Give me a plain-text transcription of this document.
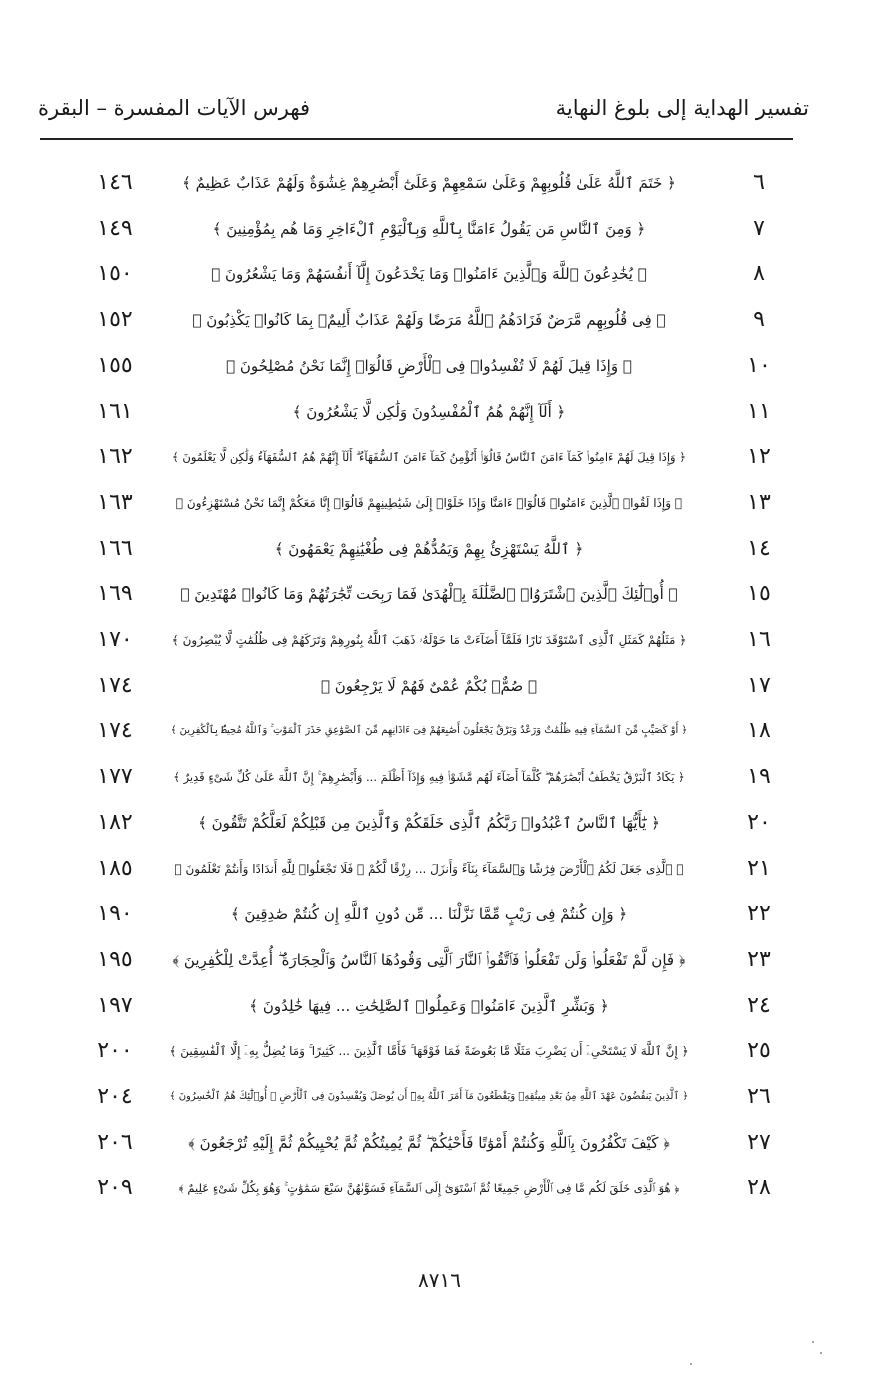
تفسير الهداية إلى بلوغ النهاية
فهرس الآيات المفسرة – البقرة
٦
﴿ خَتَمَ ٱللَّهُ عَلَىٰ قُلُوبِهِمْ وَعَلَىٰ سَمْعِهِمْ وَعَلَىٰٓ أَبْصَٰرِهِمْ غِشَٰوَةٌ وَلَهُمْ عَذَابٌ عَظِيمٌ ﴾
١٤٦
٧
﴿ وَمِنَ ٱلنَّاسِ مَن يَقُولُ ءَامَنَّا بِٱللَّهِ وَبِٱلْيَوْمِ ٱلْءَاخِرِ وَمَا هُم بِمُؤْمِنِينَ ﴾
١٤٩
٨
﴿ يُخَٰدِعُونَ ٱللَّهَ وَٱلَّذِينَ ءَامَنُوا۟ وَمَا يَخْدَعُونَ إِلَّآ أَنفُسَهُمْ وَمَا يَشْعُرُونَ ﴾
١٥٠
٩
﴿ فِى قُلُوبِهِم مَّرَضٌ فَزَادَهُمُ ٱللَّهُ مَرَضًا وَلَهُمْ عَذَابٌ أَلِيمٌۢ بِمَا كَانُوا۟ يَكْذِبُونَ ﴾
١٥٢
١٠
﴿ وَإِذَا قِيلَ لَهُمْ لَا تُفْسِدُوا۟ فِى ٱلْأَرْضِ قَالُوٓا۟ إِنَّمَا نَحْنُ مُصْلِحُونَ ﴾
١٥٥
١١
﴿ أَلَآ إِنَّهُمْ هُمُ ٱلْمُفْسِدُونَ وَلَٰكِن لَّا يَشْعُرُونَ ﴾
١٦١
١٢
﴿ وَإِذَا قِيلَ لَهُمْ ءَامِنُوا۟ كَمَآ ءَامَنَ ٱلنَّاسُ قَالُوٓا۟ أَنُؤْمِنُ كَمَآ ءَامَنَ ٱلسُّفَهَآءُ ۗ أَلَآ إِنَّهُمْ هُمُ ٱلسُّفَهَآءُ وَلَٰكِن لَّا يَعْلَمُونَ ﴾
١٦٢
١٣
﴿ وَإِذَا لَقُوا۟ ٱلَّذِينَ ءَامَنُوا۟ قَالُوٓا۟ ءَامَنَّا وَإِذَا خَلَوْا۟ إِلَىٰ شَيَٰطِينِهِمْ قَالُوٓا۟ إِنَّا مَعَكُمْ إِنَّمَا نَحْنُ مُسْتَهْزِءُونَ ﴾
١٦٣
١٤
﴿ ٱللَّهُ يَسْتَهْزِئُ بِهِمْ وَيَمُدُّهُمْ فِى طُغْيَٰنِهِمْ يَعْمَهُونَ ﴾
١٦٦
١٥
﴿ أُو۟لَٰٓئِكَ ٱلَّذِينَ ٱشْتَرَوُا۟ ٱلضَّلَٰلَةَ بِٱلْهُدَىٰ فَمَا رَبِحَت تِّجَٰرَتُهُمْ وَمَا كَانُوا۟ مُهْتَدِينَ ﴾
١٦٩
١٦
﴿ مَثَلُهُمْ كَمَثَلِ ٱلَّذِى ٱسْتَوْقَدَ نَارًا فَلَمَّآ أَضَآءَتْ مَا حَوْلَهُۥ ذَهَبَ ٱللَّهُ بِنُورِهِمْ وَتَرَكَهُمْ فِى ظُلُمَٰتٍ لَّا يُبْصِرُونَ ﴾
١٧٠
١٧
﴿ صُمٌّۢ بُكْمٌ عُمْىٌ فَهُمْ لَا يَرْجِعُونَ ﴾
١٧٤
١٨
﴿ أَوْ كَصَيِّبٍ مِّنَ ٱلسَّمَآءِ فِيهِ ظُلُمَٰتٌ وَرَعْدٌ وَبَرْقٌ يَجْعَلُونَ أَصَٰبِعَهُمْ فِىٓ ءَاذَانِهِم مِّنَ ٱلصَّوَٰعِقِ حَذَرَ ٱلْمَوْتِ ۚ وَٱللَّهُ مُحِيطٌۢ بِٱلْكَٰفِرِينَ ﴾
١٧٤
١٩
﴿ يَكَادُ ٱلْبَرْقُ يَخْطَفُ أَبْصَٰرَهُمْ ۖ كُلَّمَآ أَضَآءَ لَهُم مَّشَوْا۟ فِيهِ وَإِذَآ أَظْلَمَ ... وَأَبْصَٰرِهِمْ ۚ إِنَّ ٱللَّهَ عَلَىٰ كُلِّ شَىْءٍ قَدِيرٌ ﴾
١٧٧
٢٠
﴿ يَٰٓأَيُّهَا ٱلنَّاسُ ٱعْبُدُوا۟ رَبَّكُمُ ٱلَّذِى خَلَقَكُمْ وَٱلَّذِينَ مِن قَبْلِكُمْ لَعَلَّكُمْ تَتَّقُونَ ﴾
١٨٢
٢١
﴿ ٱلَّذِى جَعَلَ لَكُمُ ٱلْأَرْضَ فِرَٰشًا وَٱلسَّمَآءَ بِنَآءً وَأَنزَلَ ... رِزْقًا لَّكُمْ ۖ فَلَا تَجْعَلُوا۟ لِلَّهِ أَندَادًا وَأَنتُمْ تَعْلَمُونَ ﴾
١٨٥
٢٢
﴿ وَإِن كُنتُمْ فِى رَيْبٍ مِّمَّا نَزَّلْنَا ... مِّن دُونِ ٱللَّهِ إِن كُنتُمْ صَٰدِقِينَ ﴾
١٩٠
٢٣
﴿ فَإِن لَّمْ تَفْعَلُوا۟ وَلَن تَفْعَلُوا۟ فَٱتَّقُوا۟ ٱلنَّارَ ٱلَّتِى وَقُودُهَا ٱلنَّاسُ وَٱلْحِجَارَةُ ۖ أُعِدَّتْ لِلْكَٰفِرِينَ ﴾
١٩٥
٢٤
﴿ وَبَشِّرِ ٱلَّذِينَ ءَامَنُوا۟ وَعَمِلُوا۟ ٱلصَّٰلِحَٰتِ ... فِيهَا خَٰلِدُونَ ﴾
١٩٧
٢٥
﴿ إِنَّ ٱللَّهَ لَا يَسْتَحْىِۦٓ أَن يَضْرِبَ مَثَلًا مَّا بَعُوضَةً فَمَا فَوْقَهَا ۚ فَأَمَّا ٱلَّذِينَ ... كَثِيرًا ۚ وَمَا يُضِلُّ بِهِۦٓ إِلَّا ٱلْفَٰسِقِينَ ﴾
٢٠٠
٢٦
﴿ ٱلَّذِينَ يَنقُضُونَ عَهْدَ ٱللَّهِ مِنۢ بَعْدِ مِيثَٰقِهِۦ وَيَقْطَعُونَ مَآ أَمَرَ ٱللَّهُ بِهِۦٓ أَن يُوصَلَ وَيُفْسِدُونَ فِى ٱلْأَرْضِ ۚ أُو۟لَٰٓئِكَ هُمُ ٱلْخَٰسِرُونَ ﴾
٢٠٤
٢٧
﴿ كَيْفَ تَكْفُرُونَ بِٱللَّهِ وَكُنتُمْ أَمْوَٰتًا فَأَحْيَٰكُمْ ۖ ثُمَّ يُمِيتُكُمْ ثُمَّ يُحْيِيكُمْ ثُمَّ إِلَيْهِ تُرْجَعُونَ ﴾
٢٠٦
٢٨
﴿ هُوَ ٱلَّذِى خَلَقَ لَكُم مَّا فِى ٱلْأَرْضِ جَمِيعًا ثُمَّ ٱسْتَوَىٰٓ إِلَى ٱلسَّمَآءِ فَسَوَّىٰهُنَّ سَبْعَ سَمَٰوَٰتٍ ۚ وَهُوَ بِكُلِّ شَىْءٍ عَلِيمٌ ﴾
٢٠٩
٨٧١٦
